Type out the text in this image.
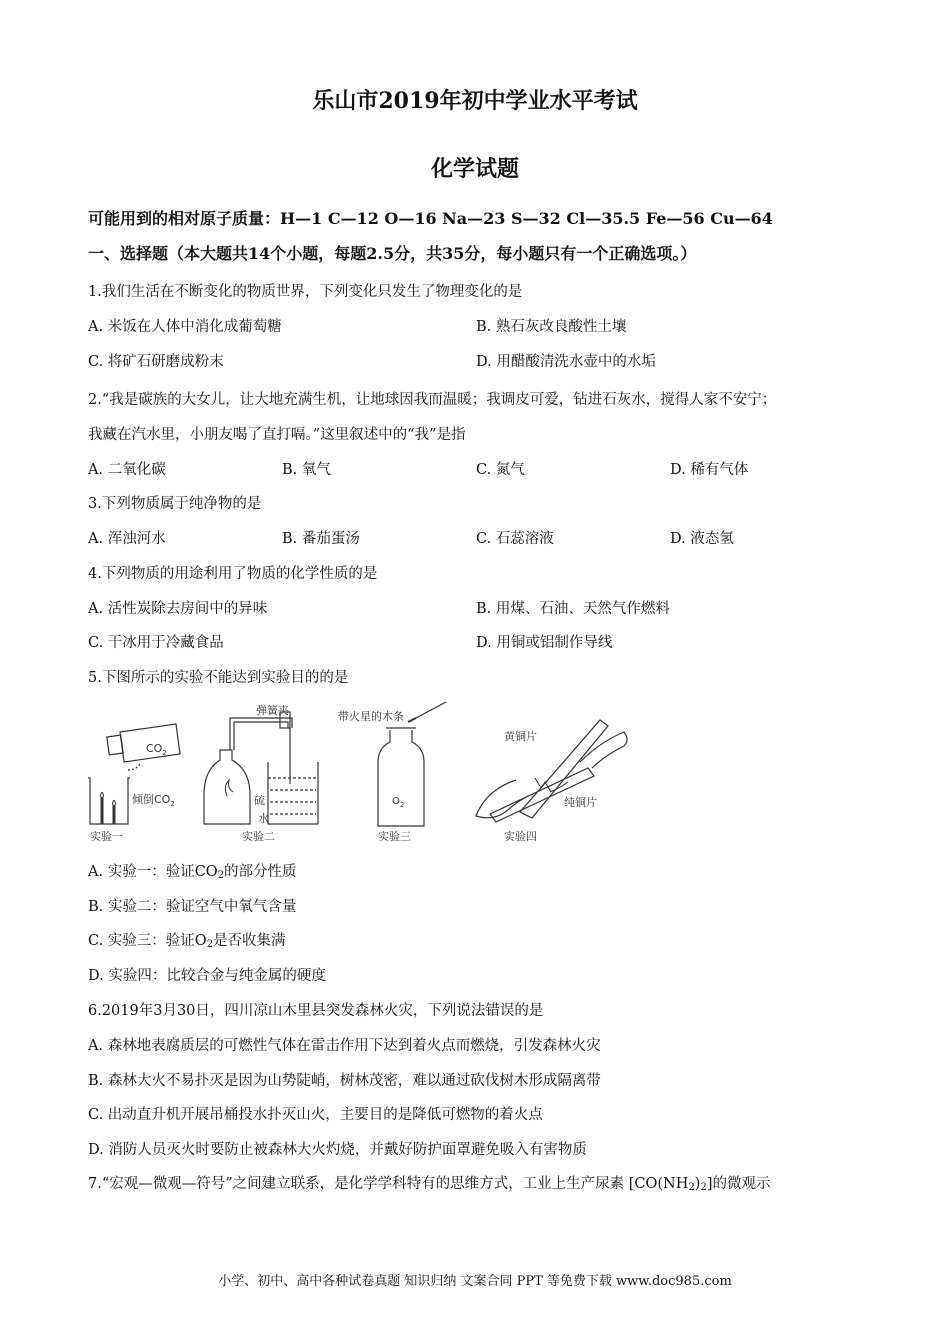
乐山市2019年初中学业水平考试
化学试题
可能用到的相对原子质量：H—1 C—12 O—16 Na—23 S—32 Cl—35.5 Fe—56 Cu—64
一、选择题（本大题共14个小题，每题2.5分，共35分，每小题只有一个正确选项。）
1.我们生活在不断变化的物质世界，下列变化只发生了物理变化的是
A. 米饭在人体中消化成葡萄糖	B. 熟石灰改良酸性土壤
C. 将矿石研磨成粉末	D. 用醋酸清洗水壶中的水垢
2.“我是碳族的大女儿，让大地充满生机，让地球因我而温暖；我调皮可爱，钻进石灰水，搅得人家不安宁；
我藏在汽水里，小朋友喝了直打嗝。”这里叙述中的“我”是指
A. 二氧化碳	B. 氧气	C. 氮气	D. 稀有气体
3.下列物质属于纯净物的是
A. 浑浊河水	B. 番茄蛋汤	C. 石蕊溶液	D. 液态氢
4.下列物质的用途利用了物质的化学性质的是
A. 活性炭除去房间中的异味	B. 用煤、石油、天然气作燃料
C. 干冰用于冷藏食品	D. 用铜或铝制作导线
5.下图所示的实验不能达到实验目的的是
$CO_2$
倾倒$CO_2$
实验一
弹簧夹
硫
水
实验二
带火星的木条
$O_2$
实验三
黄铜片
纯铜片
实验四
A. 实验一：验证$CO_2$的部分性质
B. 实验二：验证空气中氧气含量
C. 实验三：验证$O_2$是否收集满
D. 实验四：比较合金与纯金属的硬度
6.2019年3月30日，四川凉山木里县突发森林火灾，下列说法错误的是
A. 森林地表腐质层的可燃性气体在雷击作用下达到着火点而燃烧，引发森林火灾
B. 森林大火不易扑灭是因为山势陡峭，树林茂密，难以通过砍伐树木形成隔离带
C. 出动直升机开展吊桶投水扑灭山火，主要目的是降低可燃物的着火点
D. 消防人员灭火时要防止被森林大火灼烧，并戴好防护面罩避免吸入有害物质
7.“宏观—微观—符号”之间建立联系，是化学学科特有的思维方式，工业上生产尿素 $[CO(NH_2)_2]$的微观示
小学、初中、高中各种试卷真题 知识归纳 文案合同 PPT 等免费下载 www.doc985.com
